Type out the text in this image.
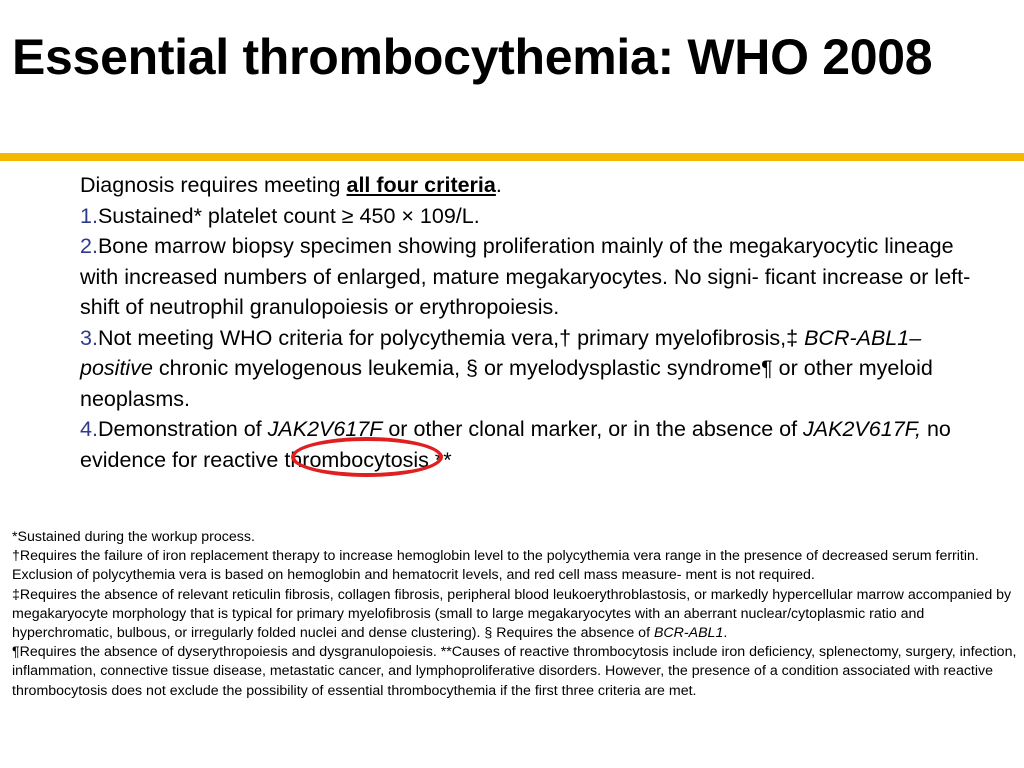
Essential thrombocythemia: WHO 2008

Diagnosis requires meeting all four criteria.

1.Sustained* platelet count ≥ 450 × 109/L.

2.Bone marrow biopsy specimen showing proliferation mainly of the megakaryocytic lineage with increased numbers of enlarged, mature megakaryocytes. No signi- ficant increase or left-shift of neutrophil granulopoiesis or erythropoiesis.

3.Not meeting WHO criteria for polycythemia vera,† primary myelofibrosis,‡ BCR-ABL1–positive chronic myelogenous leukemia, § or myelodysplastic syndrome¶ or other myeloid neoplasms.

4.Demonstration of JAK2V617F or other clonal marker, or in the absence of JAK2V617F, no evidence for reactive thrombocytosis.**

*Sustained during the workup process.

†Requires the failure of iron replacement therapy to increase hemoglobin level to the polycythemia vera range in the presence of decreased serum ferritin. Exclusion of polycythemia vera is based on hemoglobin and hematocrit levels, and red cell mass measure- ment is not required.

‡Requires the absence of relevant reticulin fibrosis, collagen fibrosis, peripheral blood leukoerythroblastosis, or markedly hypercellular marrow accompanied by megakaryocyte morphology that is typical for primary myelofibrosis (small to large megakaryocytes with an aberrant nuclear/cytoplasmic ratio and hyperchromatic, bulbous, or irregularly folded nuclei and dense clustering). § Requires the absence of BCR-ABL1.

¶Requires the absence of dyserythropoiesis and dysgranulopoiesis. **Causes of reactive thrombocytosis include iron deficiency, splenectomy, surgery, infection, inflammation, connective tissue disease, metastatic cancer, and lymphoproliferative disorders. However, the presence of a condition associated with reactive thrombocytosis does not exclude the possibility of essential thrombocythemia if the first three criteria are met.
